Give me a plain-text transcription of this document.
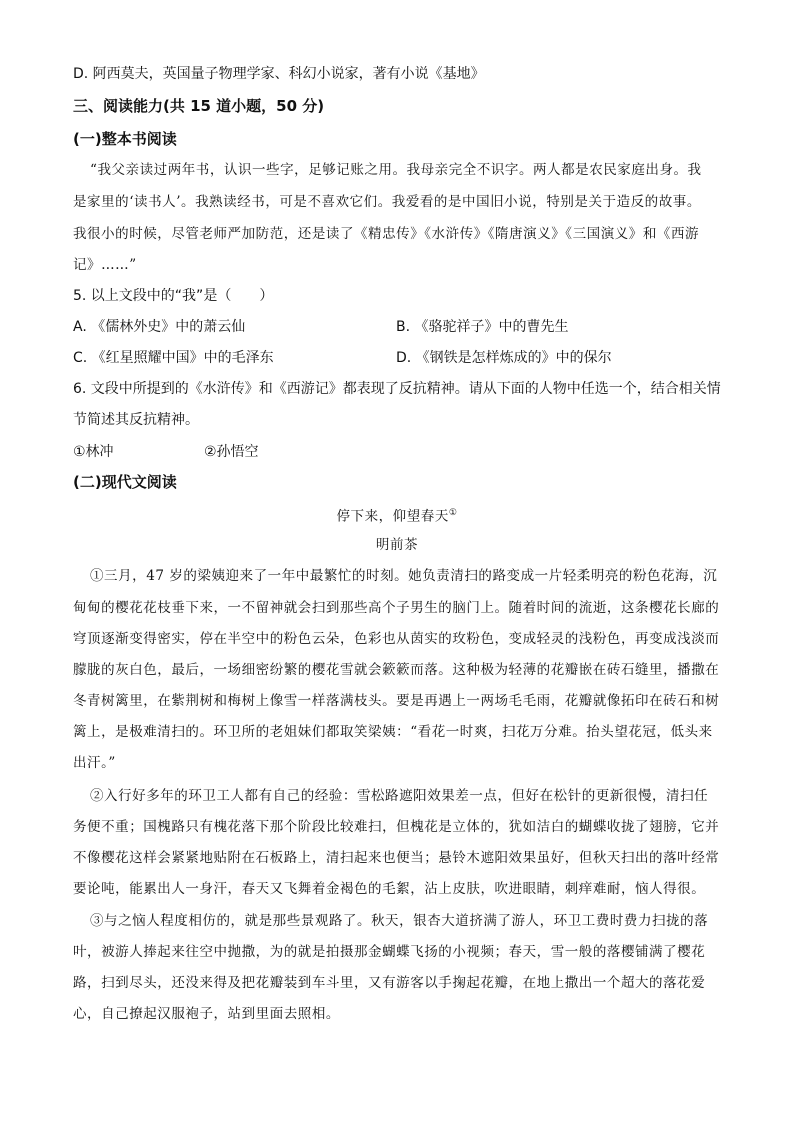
D. 阿西莫夫，英国量子物理学家、科幻小说家，著有小说《基地》
三、阅读能力(共 15 道小题，50 分)
(一)整本书阅读
“我父亲读过两年书，认识一些字，足够记账之用。我母亲完全不识字。两人都是农民家庭出身。我
是家里的‘读书人’。我熟读经书，可是不喜欢它们。我爱看的是中国旧小说，特别是关于造反的故事。
我很小的时候，尽管老师严加防范，还是读了《精忠传》《水浒传》《隋唐演义》《三国演义》和《西游
记》……”
5. 以上文段中的“我”是（　　）
A. 《儒林外史》中的萧云仙	B. 《骆驼祥子》中的曹先生
C. 《红星照耀中国》中的毛泽东	D. 《钢铁是怎样炼成的》中的保尔
6. 文段中所提到的《水浒传》和《西游记》都表现了反抗精神。请从下面的人物中任选一个，结合相关情
节简述其反抗精神。
①林冲	②孙悟空
(二)现代文阅读
停下来，仰望春天①
明前茶
①三月，47 岁的梁姨迎来了一年中最繁忙的时刻。她负责清扫的路变成一片轻柔明亮的粉色花海，沉
甸甸的樱花花枝垂下来，一不留神就会扫到那些高个子男生的脑门上。随着时间的流逝，这条樱花长廊的
穹顶逐渐变得密实，停在半空中的粉色云朵，色彩也从茵实的玫粉色，变成轻灵的浅粉色，再变成浅淡而
朦胧的灰白色，最后，一场细密纷繁的樱花雪就会簌簌而落。这种极为轻薄的花瓣嵌在砖石缝里，播撒在
冬青树篱里，在紫荆树和梅树上像雪一样落满枝头。要是再遇上一两场毛毛雨，花瓣就像拓印在砖石和树
篱上，是极难清扫的。环卫所的老姐妹们都取笑梁姨：“看花一时爽，扫花万分难。抬头望花冠，低头来
出汗。”
②入行好多年的环卫工人都有自己的经验：雪松路遮阳效果差一点，但好在松针的更新很慢，清扫任
务便不重；国槐路只有槐花落下那个阶段比较难扫，但槐花是立体的，犹如洁白的蝴蝶收拢了翅膀，它并
不像樱花这样会紧紧地贴附在石板路上，清扫起来也便当；悬铃木遮阳效果虽好，但秋天扫出的落叶经常
要论吨，能累出人一身汗，春天又飞舞着金褐色的毛絮，沾上皮肤，吹进眼睛，刺痒难耐，恼人得很。
③与之恼人程度相仿的，就是那些景观路了。秋天，银杏大道挤满了游人，环卫工费时费力扫拢的落
叶，被游人捧起来往空中抛撒，为的就是拍摄那金蝴蝶飞扬的小视频；春天，雪一般的落樱铺满了樱花
路，扫到尽头，还没来得及把花瓣装到车斗里，又有游客以手掬起花瓣，在地上撒出一个超大的落花爱
心，自己撩起汉服袍子，站到里面去照相。
